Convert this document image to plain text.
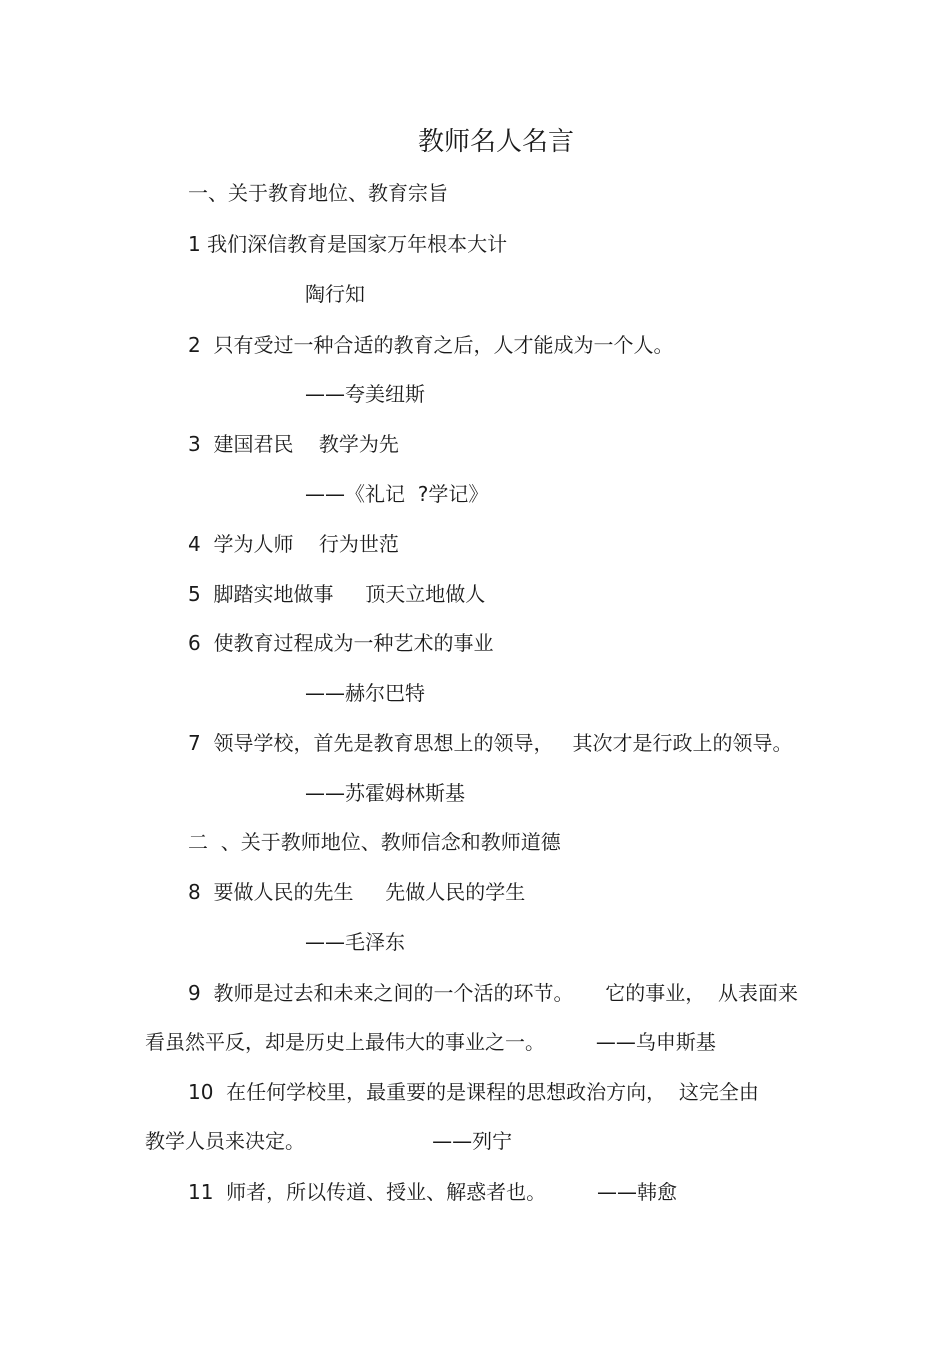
教师名人名言
一、关于教育地位、教育宗旨
1 我们深信教育是国家万年根本大计
陶行知
2  只有受过一种合适的教育之后，人才能成为一个人。
——夸美纽斯
3  建国君民    教学为先
——《礼记  ?学记》
4  学为人师    行为世范
5  脚踏实地做事     顶天立地做人
6  使教育过程成为一种艺术的事业
——赫尔巴特
7  领导学校，首先是教育思想上的领导，   其次才是行政上的领导。
——苏霍姆林斯基
二  、关于教师地位、教师信念和教师道德
8  要做人民的先生     先做人民的学生
——毛泽东
9  教师是过去和未来之间的一个活的环节。     它的事业，  从表面来
看虽然平反，却是历史上最伟大的事业之一。        ——乌申斯基
10  在任何学校里，最重要的是课程的思想政治方向，  这完全由
教学人员来决定。                    ——列宁
11  师者，所以传道、授业、解惑者也。        ——韩愈
